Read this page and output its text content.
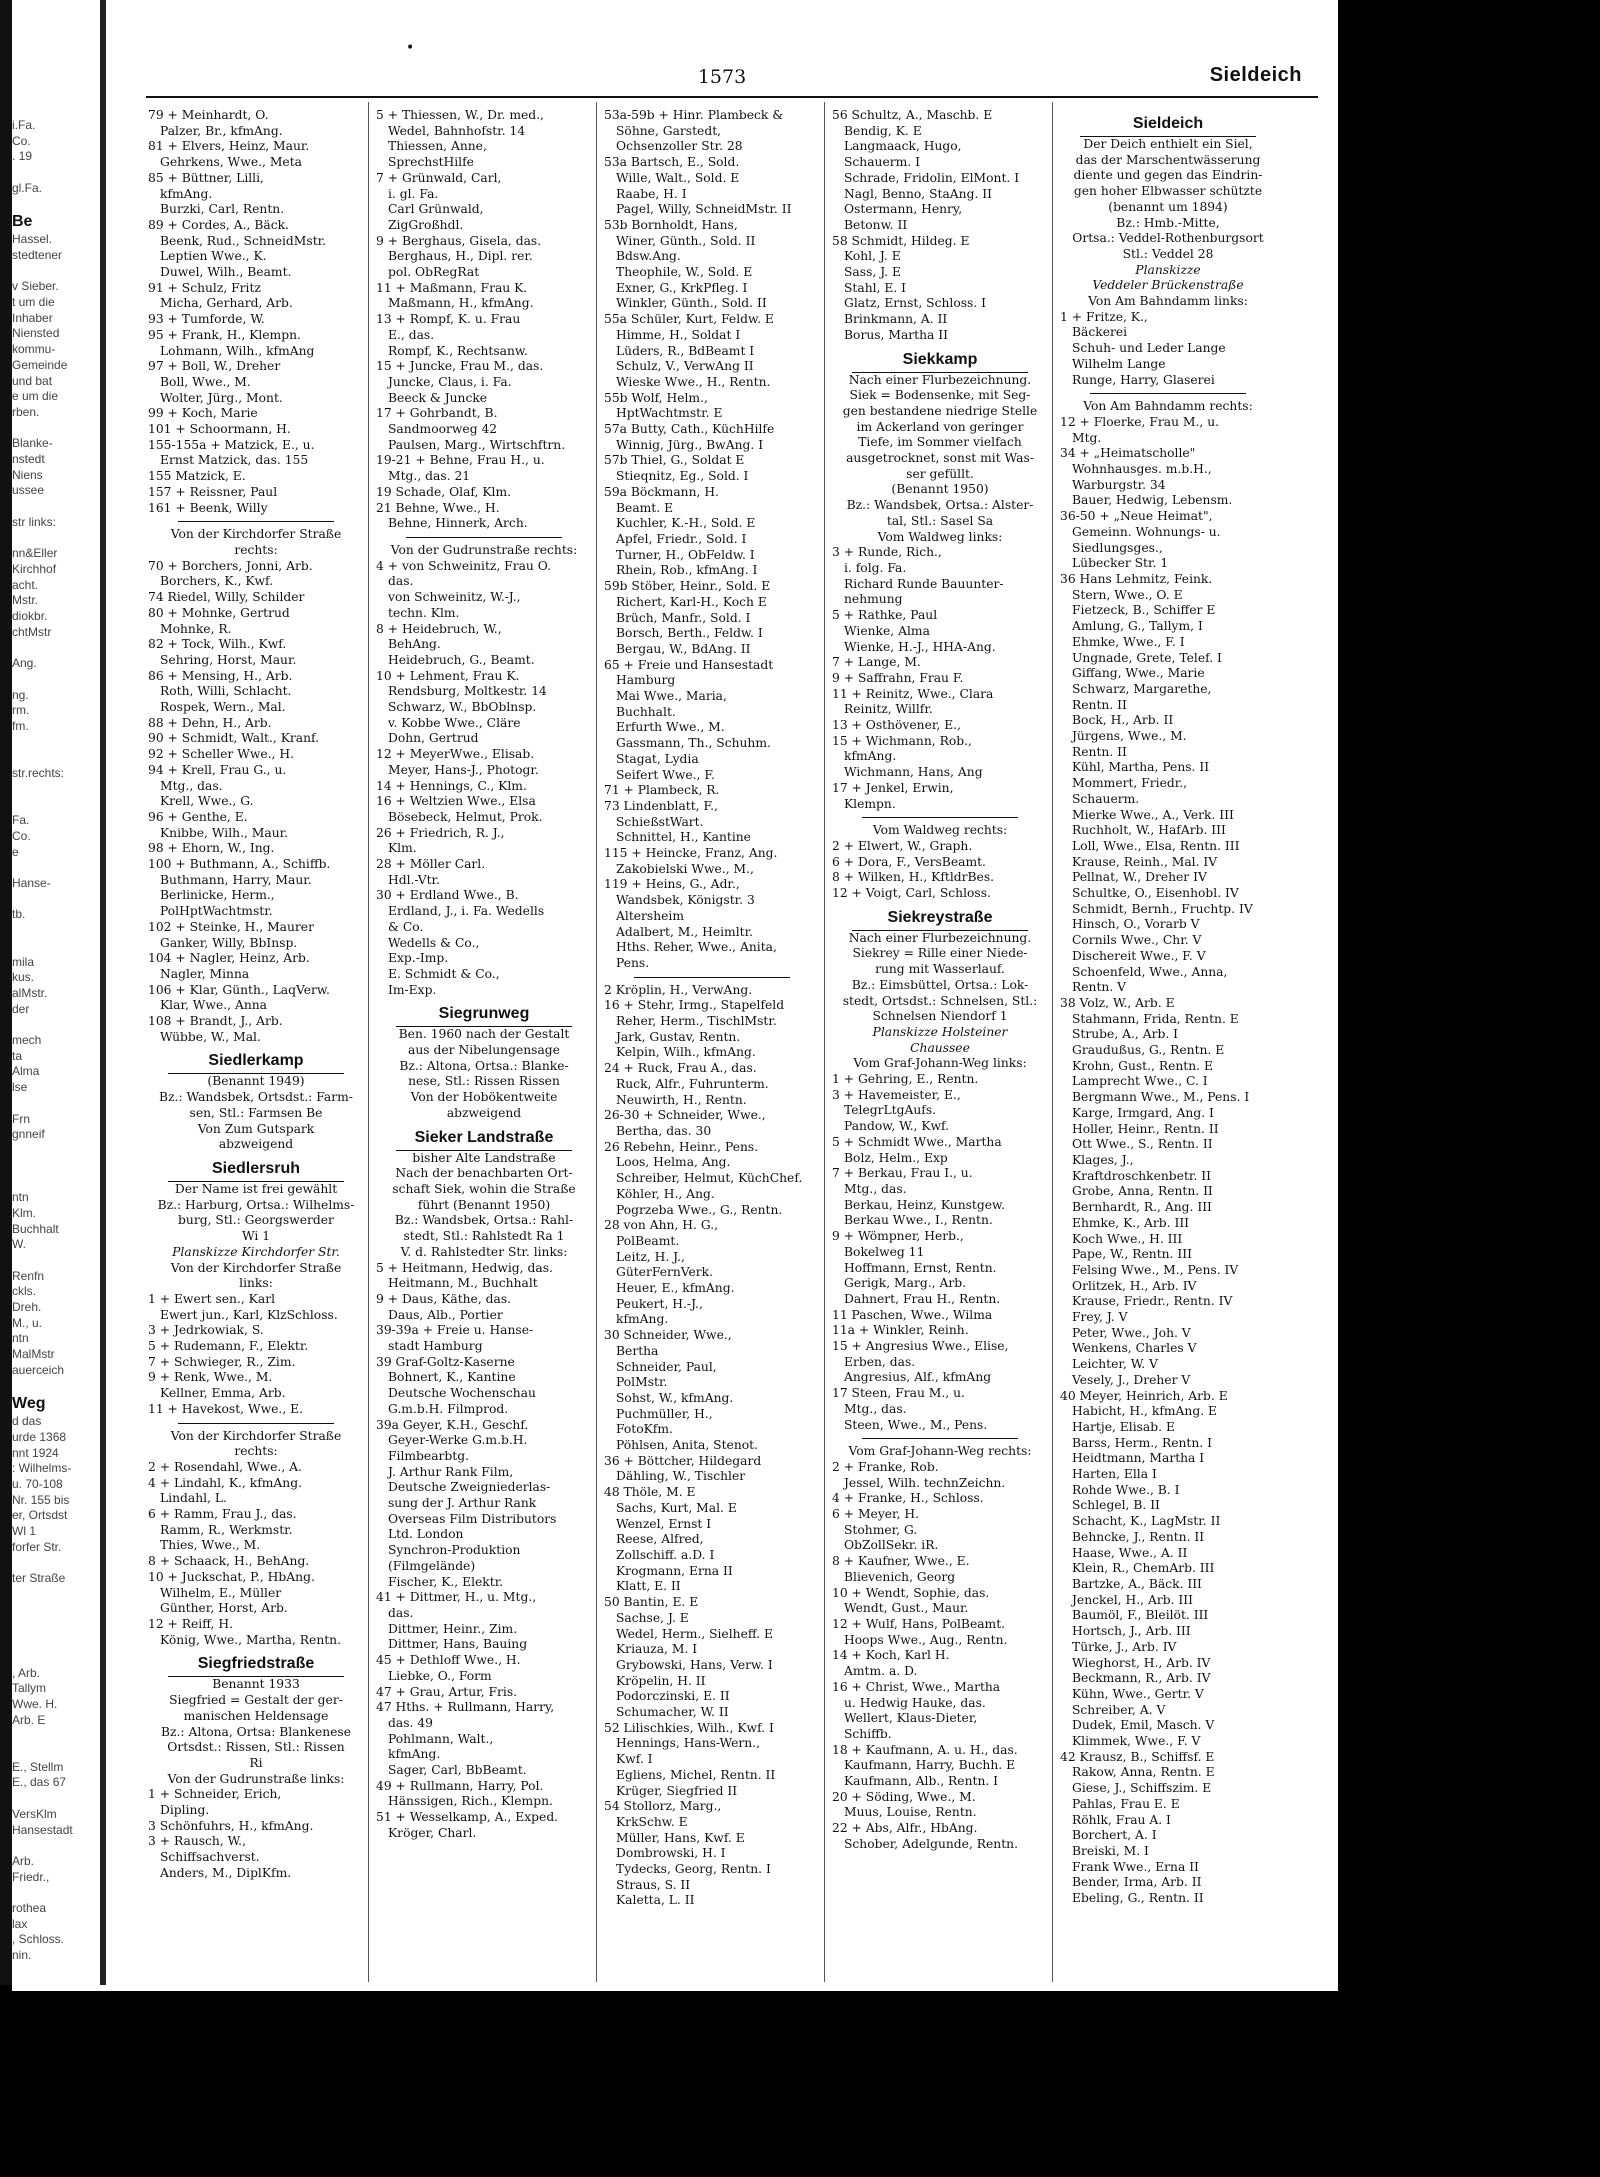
i.Fa.
Co.
. 19

gl.Fa.

Be
Hassel.
stedtener

v Sieber.
t um die
Inhaber
Niensted
kommu-
Gemeinde
und bat
e um die
rben.

Blanke-
nstedt
Niens
ussee

str links:

nn&Eller
Kirchhof
acht.
Mstr.
diokbr.
chtMstr

Ang.

ng.
rm.
fm.

str.rechts:

Fa.
Co.
e

Hanse-

tb.

mila
kus.
alMstr.
der

mech
ta
Alma
lse

Frn
gnneif

ntn
Klm.
Buchhalt
W.

Renfn
ckls.
Dreh.
M., u.
ntn
MalMstr
auerceich

Weg
d das
urde 1368
nnt 1924
: Wilhelms-
u. 70-108
Nr. 155 bis
er, Ortsdst
Wl 1
forfer Str.

ter Straße

, Arb.
Tallym
Wwe. H.
Arb. E

E., Stellm
E., das 67

VersKlm
Hansestadt

Arb.
Friedr.,

rothea
lax
, Schloss.
nin.

•
1573	Sieldeich
79 + Meinhardt, O.
Palzer, Br., kfmAng.
81 + Elvers, Heinz, Maur.
Gehrkens, Wwe., Meta
85 + Büttner, Lilli,
kfmAng.
Burzki, Carl, Rentn.
89 + Cordes, A., Bäck.
Beenk, Rud., SchneidMstr.
Leptien Wwe., K.
Duwel, Wilh., Beamt.
91 + Schulz, Fritz
Micha, Gerhard, Arb.
93 + Tumforde, W.
95 + Frank, H., Klempn.
Lohmann, Wilh., kfmAng
97 + Boll, W., Dreher
Boll, Wwe., M.
Wolter, Jürg., Mont.
99 + Koch, Marie
101 + Schoormann, H.
155-155a + Matzick, E., u.
Ernst Matzick, das. 155
155 Matzick, E.
157 + Reissner, Paul
161 + Beenk, Willy
Von der Kirchdorfer Straße
rechts:
70 + Borchers, Jonni, Arb.
Borchers, K., Kwf.
74 Riedel, Willy, Schilder
80 + Mohnke, Gertrud
Mohnke, R.
82 + Tock, Wilh., Kwf.
Sehring, Horst, Maur.
86 + Mensing, H., Arb.
Roth, Willi, Schlacht.
Rospek, Wern., Mal.
88 + Dehn, H., Arb.
90 + Schmidt, Walt., Kranf.
92 + Scheller Wwe., H.
94 + Krell, Frau G., u.
Mtg., das.
Krell, Wwe., G.
96 + Genthe, E.
Knibbe, Wilh., Maur.
98 + Ehorn, W., Ing.
100 + Buthmann, A., Schiffb.
Buthmann, Harry, Maur.
Berlinicke, Herm.,
PolHptWachtmstr.
102 + Steinke, H., Maurer
Ganker, Willy, BbInsp.
104 + Nagler, Heinz, Arb.
Nagler, Minna
106 + Klar, Günth., LaqVerw.
Klar, Wwe., Anna
108 + Brandt, J., Arb.
Wübbe, W., Mal.
Siedlerkamp
(Benannt 1949)
Bz.: Wandsbek, Ortsdst.: Farm-
sen, Stl.: Farmsen Be
Von Zum Gutspark
abzweigend
Siedlersruh
Der Name ist frei gewählt
Bz.: Harburg, Ortsa.: Wilhelms-
burg, Stl.: Georgswerder
Wi 1
Planskizze Kirchdorfer Str.
Von der Kirchdorfer Straße
links:
1 + Ewert sen., Karl
Ewert jun., Karl, KlzSchloss.
3 + Jedrkowiak, S.
5 + Rudemann, F., Elektr.
7 + Schwieger, R., Zim.
9 + Renk, Wwe., M.
Kellner, Emma, Arb.
11 + Havekost, Wwe., E.
Von der Kirchdorfer Straße
rechts:
2 + Rosendahl, Wwe., A.
4 + Lindahl, K., kfmAng.
Lindahl, L.
6 + Ramm, Frau J., das.
Ramm, R., Werkmstr.
Thies, Wwe., M.
8 + Schaack, H., BehAng.
10 + Juckschat, P., HbAng.
Wilhelm, E., Müller
Günther, Horst, Arb.
12 + Reiff, H.
König, Wwe., Martha, Rentn.
Siegfriedstraße
Benannt 1933
Siegfried = Gestalt der ger-
manischen Heldensage
Bz.: Altona, Ortsa: Blankenese
Ortsdst.: Rissen, Stl.: Rissen
Ri
Von der Gudrunstraße links:
1 + Schneider, Erich,
Dipling.
3 Schönfuhrs, H., kfmAng.
3 + Rausch, W.,
Schiffsachverst.
Anders, M., DiplKfm.
5 + Thiessen, W., Dr. med.,
Wedel, Bahnhofstr. 14
Thiessen, Anne,
SprechstHilfe
7 + Grünwald, Carl,
i. gl. Fa.
Carl Grünwald,
ZigGroßhdl.
9 + Berghaus, Gisela, das.
Berghaus, H., Dipl. rer.
pol. ObRegRat
11 + Maßmann, Frau K.
Maßmann, H., kfmAng.
13 + Rompf, K. u. Frau
E., das.
Rompf, K., Rechtsanw.
15 + Juncke, Frau M., das.
Juncke, Claus, i. Fa.
Beeck & Juncke
17 + Gohrbandt, B.
Sandmoorweg 42
Paulsen, Marg., Wirtschftrn.
19-21 + Behne, Frau H., u.
Mtg., das. 21
19 Schade, Olaf, Klm.
21 Behne, Wwe., H.
Behne, Hinnerk, Arch.
Von der Gudrunstraße rechts:
4 + von Schweinitz, Frau O.
das.
von Schweinitz, W.-J.,
techn. Klm.
8 + Heidebruch, W.,
BehAng.
Heidebruch, G., Beamt.
10 + Lehment, Frau K.
Rendsburg, Moltkestr. 14
Schwarz, W., BbOblnsp.
v. Kobbe Wwe., Cläre
Dohn, Gertrud
12 + MeyerWwe., Elisab.
Meyer, Hans-J., Photogr.
14 + Hennings, C., Klm.
16 + Weltzien Wwe., Elsa
Bösebeck, Helmut, Prok.
26 + Friedrich, R. J.,
Klm.
28 + Möller Carl.
Hdl.-Vtr.
30 + Erdland Wwe., B.
Erdland, J., i. Fa. Wedells
& Co.
Wedells & Co.,
Exp.-Imp.
E. Schmidt & Co.,
Im-Exp.
Siegrunweg
Ben. 1960 nach der Gestalt
aus der Nibelungensage
Bz.: Altona, Ortsa.: Blanke-
nese, Stl.: Rissen Rissen
Von der Hobökentweite
abzweigend
Sieker Landstraße
bisher Alte Landstraße
Nach der benachbarten Ort-
schaft Siek, wohin die Straße
führt (Benannt 1950)
Bz.: Wandsbek, Ortsa.: Rahl-
stedt, Stl.: Rahlstedt Ra 1
V. d. Rahlstedter Str. links:
5 + Heitmann, Hedwig, das.
Heitmann, M., Buchhalt
9 + Daus, Käthe, das.
Daus, Alb., Portier
39-39a + Freie u. Hanse-
stadt Hamburg
39 Graf-Goltz-Kaserne
Bohnert, K., Kantine
Deutsche Wochenschau
G.m.b.H. Filmprod.
39a Geyer, K.H., Geschf.
Geyer-Werke G.m.b.H.
Filmbearbtg.
J. Arthur Rank Film,
Deutsche Zweigniederlas-
sung der J. Arthur Rank
Overseas Film Distributors
Ltd. London
Synchron-Produktion
(Filmgelände)
Fischer, K., Elektr.
41 + Dittmer, H., u. Mtg.,
das.
Dittmer, Heinr., Zim.
Dittmer, Hans, Bauing
45 + Dethloff Wwe., H.
Liebke, O., Form
47 + Grau, Artur, Fris.
47 Hths. + Rullmann, Harry,
das. 49
Pohlmann, Walt.,
kfmAng.
Sager, Carl, BbBeamt.
49 + Rullmann, Harry, Pol.
Hänssigen, Rich., Klempn.
51 + Wesselkamp, A., Exped.
Kröger, Charl.
53a-59b + Hinr. Plambeck &
Söhne, Garstedt,
Ochsenzoller Str. 28
53a Bartsch, E., Sold.
Wille, Walt., Sold. E
Raabe, H. I
Pagel, Willy, SchneidMstr. II
53b Bornholdt, Hans,
Winer, Günth., Sold. II
Bdsw.Ang.
Theophile, W., Sold. E
Exner, G., KrkPfleg. I
Winkler, Günth., Sold. II
55a Schüler, Kurt, Feldw. E
Himme, H., Soldat I
Lüders, R., BdBeamt I
Schulz, V., VerwAng II
Wieske Wwe., H., Rentn.
55b Wolf, Helm.,
HptWachtmstr. E
57a Butty, Cath., KüchHilfe
Winnig, Jürg., BwAng. I
57b Thiel, G., Soldat E
Stieqnitz, Eg., Sold. I
59a Böckmann, H.
Beamt. E
Kuchler, K.-H., Sold. E
Apfel, Friedr., Sold. I
Turner, H., ObFeldw. I
Rhein, Rob., kfmAng. I
59b Stöber, Heinr., Sold. E
Richert, Karl-H., Koch E
Brüch, Manfr., Sold. I
Borsch, Berth., Feldw. I
Bergau, W., BdAng. II
65 + Freie und Hansestadt
Hamburg
Mai Wwe., Maria,
Buchhalt.
Erfurth Wwe., M.
Gassmann, Th., Schuhm.
Stagat, Lydia
Seifert Wwe., F.
71 + Plambeck, R.
73 Lindenblatt, F.,
SchießstWart.
Schnittel, H., Kantine
115 + Heincke, Franz, Ang.
Zakobielski Wwe., M.,
119 + Heins, G., Adr.,
Wandsbek, Königstr. 3
Altersheim
Adalbert, M., Heimltr.
Hths. Reher, Wwe., Anita,
Pens.
2 Kröplin, H., VerwAng.
16 + Stehr, Irmg., Stapelfeld
Reher, Herm., TischlMstr.
Jark, Gustav, Rentn.
Kelpin, Wilh., kfmAng.
24 + Ruck, Frau A., das.
Ruck, Alfr., Fuhrunterm.
Neuwirth, H., Rentn.
26-30 + Schneider, Wwe.,
Bertha, das. 30
26 Rebehn, Heinr., Pens.
Loos, Helma, Ang.
Schreiber, Helmut, KüchChef.
Köhler, H., Ang.
Pogrzeba Wwe., G., Rentn.
28 von Ahn, H. G.,
PolBeamt.
Leitz, H. J.,
GüterFernVerk.
Heuer, E., kfmAng.
Peukert, H.-J.,
kfmAng.
30 Schneider, Wwe.,
Bertha
Schneider, Paul,
PolMstr.
Sohst, W., kfmAng.
Puchmüller, H.,
FotoKfm.
Pöhlsen, Anita, Stenot.
36 + Böttcher, Hildegard
Dähling, W., Tischler
48 Thöle, M. E
Sachs, Kurt, Mal. E
Wenzel, Ernst I
Reese, Alfred,
Zollschiff. a.D. I
Krogmann, Erna II
Klatt, E. II
50 Bantin, E. E
Sachse, J. E
Wedel, Herm., Sielheff. E
Kriauza, M. I
Grybowski, Hans, Verw. I
Kröpelin, H. II
Podorczinski, E. II
Schumacher, W. II
52 Lilischkies, Wilh., Kwf. I
Hennings, Hans-Wern.,
Kwf. I
Egliens, Michel, Rentn. II
Krüger, Siegfried II
54 Stollorz, Marg.,
KrkSchw. E
Müller, Hans, Kwf. E
Dombrowski, H. I
Tydecks, Georg, Rentn. I
Straus, S. II
Kaletta, L. II
56 Schultz, A., Maschb. E
Bendig, K. E
Langmaack, Hugo,
Schauerm. I
Schrade, Fridolin, ElMont. I
Nagl, Benno, StaAng. II
Ostermann, Henry,
Betonw. II
58 Schmidt, Hildeg. E
Kohl, J. E
Sass, J. E
Stahl, E. I
Glatz, Ernst, Schloss. I
Brinkmann, A. II
Borus, Martha II
Siekkamp
Nach einer Flurbezeichnung.
Siek = Bodensenke, mit Seg-
gen bestandene niedrige Stelle
im Ackerland von geringer
Tiefe, im Sommer vielfach
ausgetrocknet, sonst mit Was-
ser gefüllt.
(Benannt 1950)
Bz.: Wandsbek, Ortsa.: Alster-
tal, Stl.: Sasel Sa
Vom Waldweg links:
3 + Runde, Rich.,
i. folg. Fa.
Richard Runde Bauunter-
nehmung
5 + Rathke, Paul
Wienke, Alma
Wienke, H.-J., HHA-Ang.
7 + Lange, M.
9 + Saffrahn, Frau F.
11 + Reinitz, Wwe., Clara
Reinitz, Willfr.
13 + Osthövener, E.,
15 + Wichmann, Rob.,
kfmAng.
Wichmann, Hans, Ang
17 + Jenkel, Erwin,
Klempn.
Vom Waldweg rechts:
2 + Elwert, W., Graph.
6 + Dora, F., VersBeamt.
8 + Wilken, H., KftldrBes.
12 + Voigt, Carl, Schloss.
Siekreystraße
Nach einer Flurbezeichnung.
Siekrey = Rille einer Niede-
rung mit Wasserlauf.
Bz.: Eimsbüttel, Ortsa.: Lok-
stedt, Ortsdst.: Schnelsen, Stl.:
Schnelsen Niendorf 1
Planskizze Holsteiner
Chaussee
Vom Graf-Johann-Weg links:
1 + Gehring, E., Rentn.
3 + Havemeister, E.,
TelegrLtgAufs.
Pandow, W., Kwf.
5 + Schmidt Wwe., Martha
Bolz, Helm., Exp
7 + Berkau, Frau I., u.
Mtg., das.
Berkau, Heinz, Kunstgew.
Berkau Wwe., I., Rentn.
9 + Wömpner, Herb.,
Bokelweg 11
Hoffmann, Ernst, Rentn.
Gerigk, Marg., Arb.
Dahnert, Frau H., Rentn.
11 Paschen, Wwe., Wilma
11a + Winkler, Reinh.
15 + Angresius Wwe., Elise,
Erben, das.
Angresius, Alf., kfmAng
17 Steen, Frau M., u.
Mtg., das.
Steen, Wwe., M., Pens.
Vom Graf-Johann-Weg rechts:
2 + Franke, Rob.
Jessel, Wilh. technZeichn.
4 + Franke, H., Schloss.
6 + Meyer, H.
Stohmer, G.
ObZollSekr. iR.
8 + Kaufner, Wwe., E.
Blievenich, Georg
10 + Wendt, Sophie, das.
Wendt, Gust., Maur.
12 + Wulf, Hans, PolBeamt.
Hoops Wwe., Aug., Rentn.
14 + Koch, Karl H.
Amtm. a. D.
16 + Christ, Wwe., Martha
u. Hedwig Hauke, das.
Wellert, Klaus-Dieter,
Schiffb.
18 + Kaufmann, A. u. H., das.
Kaufmann, Harry, Buchh. E
Kaufmann, Alb., Rentn. I
20 + Söding, Wwe., M.
Muus, Louise, Rentn.
22 + Abs, Alfr., HbAng.
Schober, Adelgunde, Rentn.
Sieldeich
Der Deich enthielt ein Siel,
das der Marschentwässerung
diente und gegen das Eindrin-
gen hoher Elbwasser schützte
(benannt um 1894)
Bz.: Hmb.-Mitte,
Ortsa.: Veddel-Rothenburgsort
Stl.: Veddel 28
Planskizze
Veddeler Brückenstraße
Von Am Bahndamm links:
1 + Fritze, K.,
Bäckerei
Schuh- und Leder Lange
Wilhelm Lange
Runge, Harry, Glaserei
Von Am Bahndamm rechts:
12 + Floerke, Frau M., u.
Mtg.
34 + „Heimatscholle"
Wohnhausges. m.b.H.,
Warburgstr. 34
Bauer, Hedwig, Lebensm.
36-50 + „Neue Heimat",
Gemeinn. Wohnungs- u.
Siedlungsges.,
Lübecker Str. 1
36 Hans Lehmitz, Feink.
Stern, Wwe., O. E
Fietzeck, B., Schiffer E
Amlung, G., Tallym, I
Ehmke, Wwe., F. I
Ungnade, Grete, Telef. I
Giffang, Wwe., Marie
Schwarz, Margarethe,
Rentn. II
Bock, H., Arb. II
Jürgens, Wwe., M.
Rentn. II
Kühl, Martha, Pens. II
Mommert, Friedr.,
Schauerm.
Mierke Wwe., A., Verk. III
Ruchholt, W., HafArb. III
Loll, Wwe., Elsa, Rentn. III
Krause, Reinh., Mal. IV
Pellnat, W., Dreher IV
Schultke, O., Eisenhobl. IV
Schmidt, Bernh., Fruchtp. IV
Hinsch, O., Vorarb V
Cornils Wwe., Chr. V
Dischereit Wwe., F. V
Schoenfeld, Wwe., Anna,
Rentn. V
38 Volz, W., Arb. E
Stahmann, Frida, Rentn. E
Strube, A., Arb. I
Graudußus, G., Rentn. E
Krohn, Gust., Rentn. E
Lamprecht Wwe., C. I
Bergmann Wwe., M., Pens. I
Karge, Irmgard, Ang. I
Holler, Heinr., Rentn. II
Ott Wwe., S., Rentn. II
Klages, J.,
Kraftdroschkenbetr. II
Grobe, Anna, Rentn. II
Bernhardt, R., Ang. III
Ehmke, K., Arb. III
Koch Wwe., H. III
Pape, W., Rentn. III
Felsing Wwe., M., Pens. IV
Orlitzek, H., Arb. IV
Krause, Friedr., Rentn. IV
Frey, J. V
Peter, Wwe., Joh. V
Wenkens, Charles V
Leichter, W. V
Vesely, J., Dreher V
40 Meyer, Heinrich, Arb. E
Habicht, H., kfmAng. E
Hartje, Elisab. E
Barss, Herm., Rentn. I
Heidtmann, Martha I
Harten, Ella I
Rohde Wwe., B. I
Schlegel, B. II
Schacht, K., LagMstr. II
Behncke, J., Rentn. II
Haase, Wwe., A. II
Klein, R., ChemArb. III
Bartzke, A., Bäck. III
Jenckel, H., Arb. III
Baumöl, F., Bleilöt. III
Hortsch, J., Arb. III
Türke, J., Arb. IV
Wieghorst, H., Arb. IV
Beckmann, R., Arb. IV
Kühn, Wwe., Gertr. V
Schreiber, A. V
Dudek, Emil, Masch. V
Klimmek, Wwe., F. V
42 Krausz, B., Schiffsf. E
Rakow, Anna, Rentn. E
Giese, J., Schiffszim. E
Pahlas, Frau E. E
Röhlk, Frau A. I
Borchert, A. I
Breiski, M. I
Frank Wwe., Erna II
Bender, Irma, Arb. II
Ebeling, G., Rentn. II
